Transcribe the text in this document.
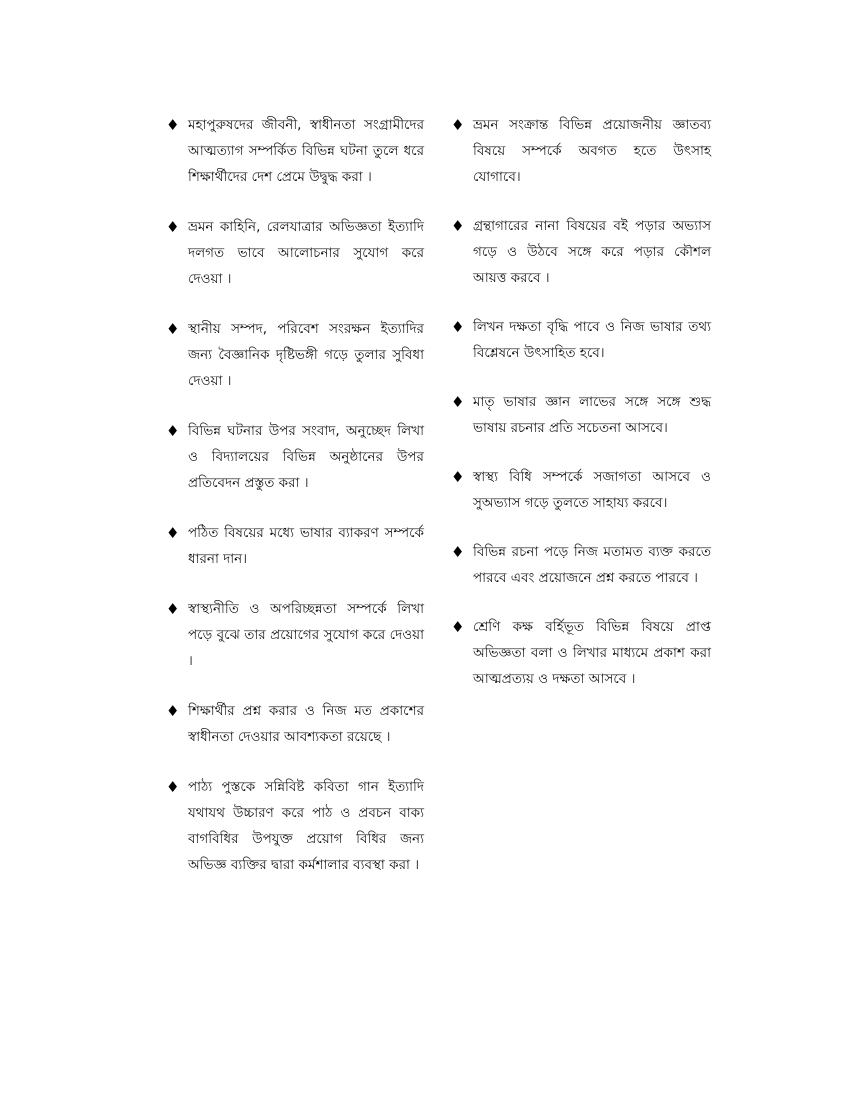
♦ মহাপুরুষদের জীবনী, স্বাধীনতা সংগ্রামীদের আত্মত্যাগ সম্পর্কিত বিভিন্ন ঘটনা তুলে ধরে শিক্ষার্থীদের দেশ প্রেমে উদ্বুদ্ধ করা ।
♦ ভ্রমন কাহিনি, রেলযাত্রার অভিজ্ঞতা ইত্যাদি দলগত ভাবে আলোচনার সুযোগ করে দেওয়া ।
♦ স্থানীয় সম্পদ, পরিবেশ সংরক্ষন ইত্যাদির জন্য বৈজ্ঞানিক দৃষ্টিভঙ্গী গড়ে তুলার সুবিধা দেওয়া ।
♦ বিভিন্ন ঘটনার উপর সংবাদ, অনুচ্ছেদ লিখা ও বিদ্যালয়ের বিভিন্ন অনুষ্ঠানের উপর প্রতিবেদন প্রস্তুত করা ।
♦ পঠিত বিষয়ের মধ্যে ভাষার ব্যাকরণ সম্পর্কে ধারনা দান।
♦ স্বাস্থ্যনীতি ও অপরিচ্ছন্নতা সম্পর্কে লিখা পড়ে বুঝে তার প্রয়োগের সুযোগ করে দেওয়া ।
♦ শিক্ষার্থীর প্রশ্ন করার ও নিজ মত প্রকাশের স্বাধীনতা দেওয়ার আবশ্যকতা রয়েছে ।
♦ পাঠ্য পুস্তকে সন্নিবিষ্ট কবিতা গান ইত্যাদি যথাযথ উচ্চারণ করে পাঠ ও প্রবচন বাক্য বাগবিধির উপযুক্ত প্রয়োগ বিধির জন্য অভিজ্ঞ ব্যক্তির দ্বারা কর্মশালার ব্যবস্থা করা ।
♦ ভ্রমন সংক্রান্ত বিভিন্ন প্রয়োজনীয় জ্ঞাতব্য বিষয়ে সম্পর্কে অবগত হতে উৎসাহ যোগাবে।
♦ গ্রন্থাগারের নানা বিষয়ের বই পড়ার অভ্যাস গড়ে ও উঠবে সঙ্গে করে পড়ার কৌশল আয়ত্ত করবে ।
♦ লিখন দক্ষতা বৃদ্ধি পাবে ও নিজ ভাষার তথ্য বিশ্লেষনে উৎসাহিত হবে।
♦ মাতৃ ভাষার জ্ঞান লাভের সঙ্গে সঙ্গে শুদ্ধ ভাষায় রচনার প্রতি সচেতনা আসবে।
♦ স্বাস্থ্য বিধি সম্পর্কে সজাগতা আসবে ও সুঅভ্যাস গড়ে তুলতে সাহায্য করবে।
♦ বিভিন্ন রচনা পড়ে নিজ মতামত ব্যক্ত করতে পারবে এবং প্রয়োজনে প্রশ্ন করতে পারবে ।
♦ শ্রেণি কক্ষ বর্হিভূত বিভিন্ন বিষয়ে প্রাপ্ত অভিজ্ঞতা বলা ও লিখার মাধ্যমে প্রকাশ করা আত্মপ্রত্যয় ও দক্ষতা আসবে ।
